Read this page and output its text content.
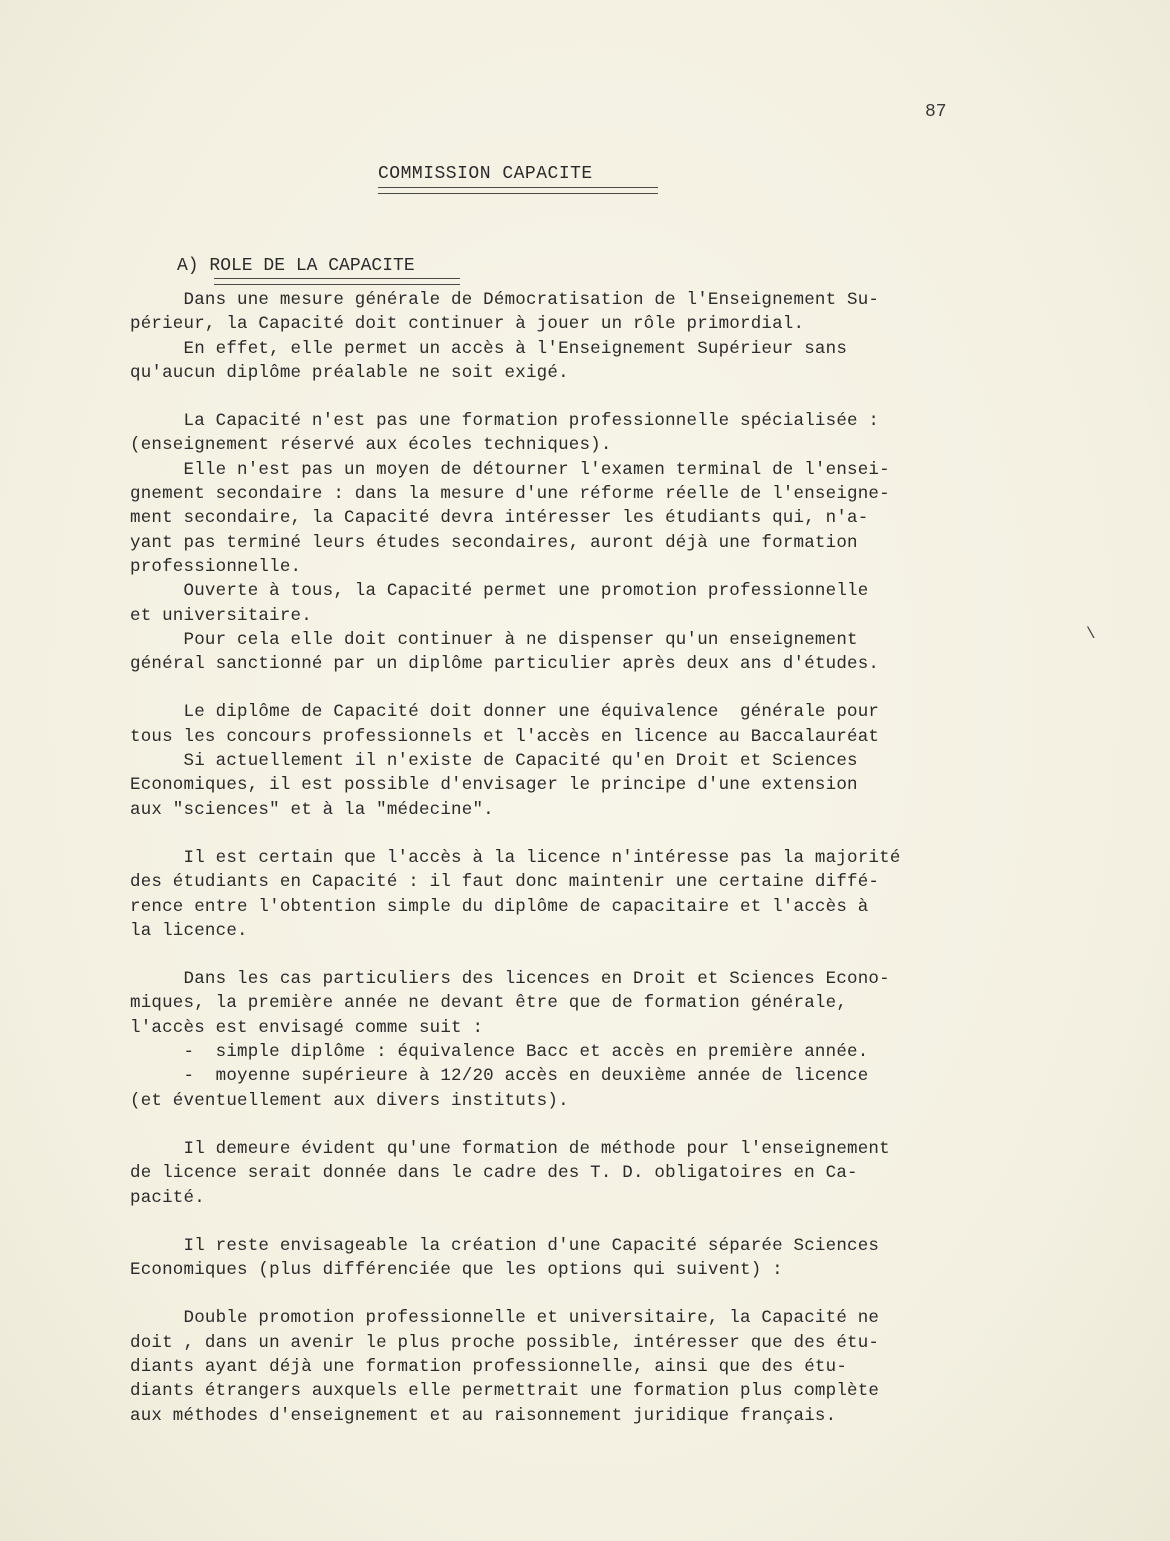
87
COMMISSION CAPACITE
A) ROLE DE LA CAPACITE

Dans une mesure générale de Démocratisation de l'Enseignement Su-
périeur, la Capacité doit continuer à jouer un rôle primordial.
En effet, elle permet un accès à l'Enseignement Supérieur sans
qu'aucun diplôme préalable ne soit exigé.

La Capacité n'est pas une formation professionnelle spécialisée :
(enseignement réservé aux écoles techniques).
Elle n'est pas un moyen de détourner l'examen terminal de l'ensei-
gnement secondaire : dans la mesure d'une réforme réelle de l'enseigne-
ment secondaire, la Capacité devra intéresser les étudiants qui, n'a-
yant pas terminé leurs études secondaires, auront déjà une formation
professionnelle.
Ouverte à tous, la Capacité permet une promotion professionnelle
et universitaire.
Pour cela elle doit continuer à ne dispenser qu'un enseignement
général sanctionné par un diplôme particulier après deux ans d'études.

Le diplôme de Capacité doit donner une équivalence  générale pour
tous les concours professionnels et l'accès en licence au Baccalauréat
Si actuellement il n'existe de Capacité qu'en Droit et Sciences
Economiques, il est possible d'envisager le principe d'une extension
aux "sciences" et à la "médecine".

Il est certain que l'accès à la licence n'intéresse pas la majorité
des étudiants en Capacité : il faut donc maintenir une certaine diffé-
rence entre l'obtention simple du diplôme de capacitaire et l'accès à
la licence.

Dans les cas particuliers des licences en Droit et Sciences Econo-
miques, la première année ne devant être que de formation générale,
l'accès est envisagé comme suit :
-  simple diplôme : équivalence Bacc et accès en première année.
-  moyenne supérieure à 12/20 accès en deuxième année de licence
(et éventuellement aux divers instituts).

Il demeure évident qu'une formation de méthode pour l'enseignement
de licence serait donnée dans le cadre des T. D. obligatoires en Ca-
pacité.

Il reste envisageable la création d'une Capacité séparée Sciences
Economiques (plus différenciée que les options qui suivent) :

Double promotion professionnelle et universitaire, la Capacité ne
doit , dans un avenir le plus proche possible, intéresser que des étu-
diants ayant déjà une formation professionnelle, ainsi que des étu-
diants étrangers auxquels elle permettrait une formation plus complète
aux méthodes d'enseignement et au raisonnement juridique français.

\
